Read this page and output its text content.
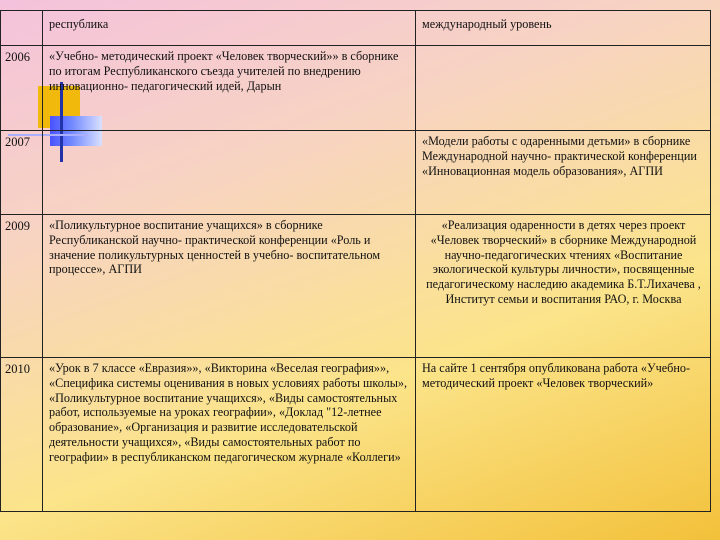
	республика	международный уровень
2006	«Учебно- методический проект «Человек творческий»» в сборнике по итогам Республиканского съезда учителей по внедрению инновационно- педагогический идей, Дарын	
2007		«Модели работы с одаренными детьми» в сборнике Международной научно- практической конференции «Инновационная модель образования», АГПИ
2009	«Поликультурное воспитание учащихся» в сборнике Республиканской научно- практической конференции «Роль и значение поликультурных ценностей в учебно- воспитательном процессе», АГПИ	«Реализация одаренности в детях через проект «Человек творческий» в сборнике Международной научно-педагогических чтениях «Воспитание экологической культуры личности», посвященные педагогическому наследию академика Б.Т.Лихачева , Институт семьи и воспитания РАО, г. Москва
2010	«Урок в 7 классе «Евразия»», «Викторина «Веселая география»», «Специфика системы оценивания в новых условиях работы школы», «Поликультурное воспитание учащихся», «Виды самостоятельных работ, используемые на уроках географии», «Доклад "12-летнее образование», «Организация и развитие исследовательской деятельности учащихся», «Виды самостоятельных работ по географии» в республиканском педагогическом журнале «Коллеги»	На сайте 1 сентября опубликована работа «Учебно-методический проект «Человек творческий»
